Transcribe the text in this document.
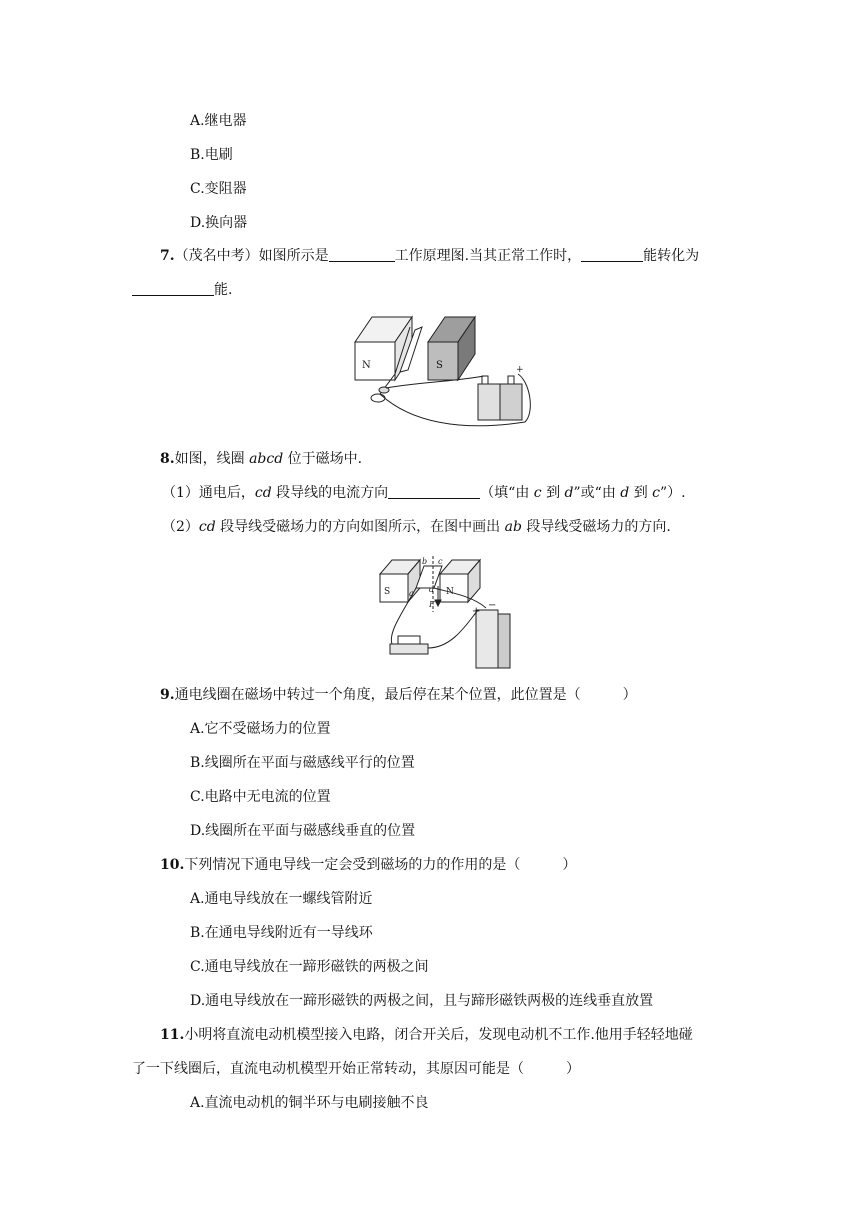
A.继电器
B.电刷
C.变阻器
D.换向器
7.（茂名中考）如图所示是	工作原理图.当其正常工作时，	能转化为
能.
N	S	+
8.如图，线圈 abcd 位于磁场中.
（1）通电后，cd 段导线的电流方向	（填“由 c 到 d”或“由 d 到 c”）.
（2）cd 段导线受磁场力的方向如图所示，在图中画出 ab 段导线受磁场力的方向.
S	N
a
b c
d
F
+
−
9.通电线圈在磁场中转过一个角度，最后停在某个位置，此位置是（　　　）
A.它不受磁场力的位置
B.线圈所在平面与磁感线平行的位置
C.电路中无电流的位置
D.线圈所在平面与磁感线垂直的位置
10.下列情况下通电导线一定会受到磁场的力的作用的是（　　　）
A.通电导线放在一螺线管附近
B.在通电导线附近有一导线环
C.通电导线放在一蹄形磁铁的两极之间
D.通电导线放在一蹄形磁铁的两极之间，且与蹄形磁铁两极的连线垂直放置
11.小明将直流电动机模型接入电路，闭合开关后，发现电动机不工作.他用手轻轻地碰
了一下线圈后，直流电动机模型开始正常转动，其原因可能是（　　　）
A.直流电动机的铜半环与电刷接触不良
